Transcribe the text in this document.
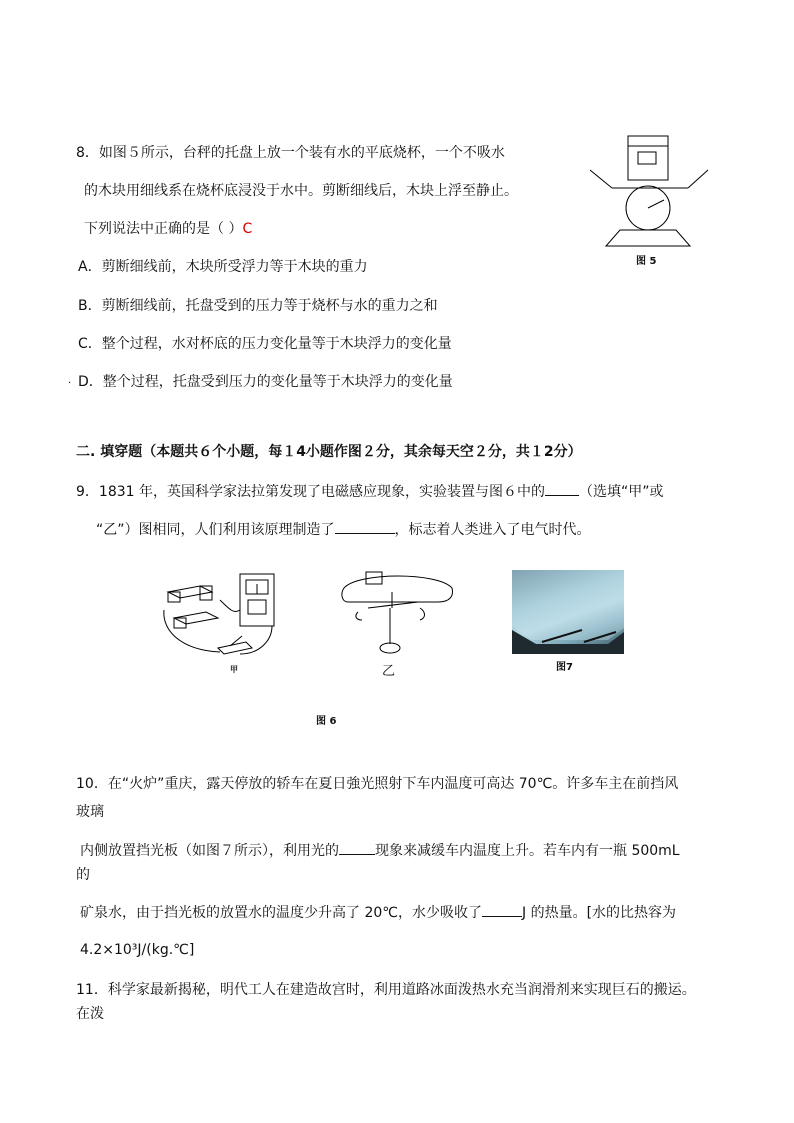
8．如图５所示，台秤的托盘上放一个装有水的平底烧杯，一个不吸水
的木块用细线系在烧杯底浸没于水中。剪断细线后，木块上浮至静止。
下列说法中正确的是（ ）C
A．剪断细线前，木块所受浮力等于木块的重力
B．剪断细线前，托盘受到的压力等于烧杯与水的重力之和
C．整个过程，水对杯底的压力变化量等于木块浮力的变化量
· D．整个过程，托盘受到压力的变化量等于木块浮力的变化量
图 5
二. 填穿题（本题共６个小题，每１4小题作图２分，其余每天空２分，共１2分）
9．1831 年，英国科学家法拉第发现了电磁感应现象，实验装置与图６中的 （选填“甲”或
“乙”）图相同，人们利用该原理制造了	，标志着人类进入了电气时代。
甲	乙	图7
图 6
10．在“火炉”重庆，露天停放的轿车在夏日強光照射下车内温度可高达 70℃。许多车主在前挡风
玻璃
内侧放置挡光板（如图７所示），利用光的	现象来减缓车内温度上升。若车内有一瓶 500mL
的
矿泉水，由于挡光板的放置水的温度少升高了 20℃，水少吸收了	J 的热量。[水的比热容为
4.2×10³J/(kg.℃]
11．科学家最新揭秘，明代工人在建造故宫时，利用道路冰面泼热水充当润滑剂来实现巨石的搬运。
在泼
